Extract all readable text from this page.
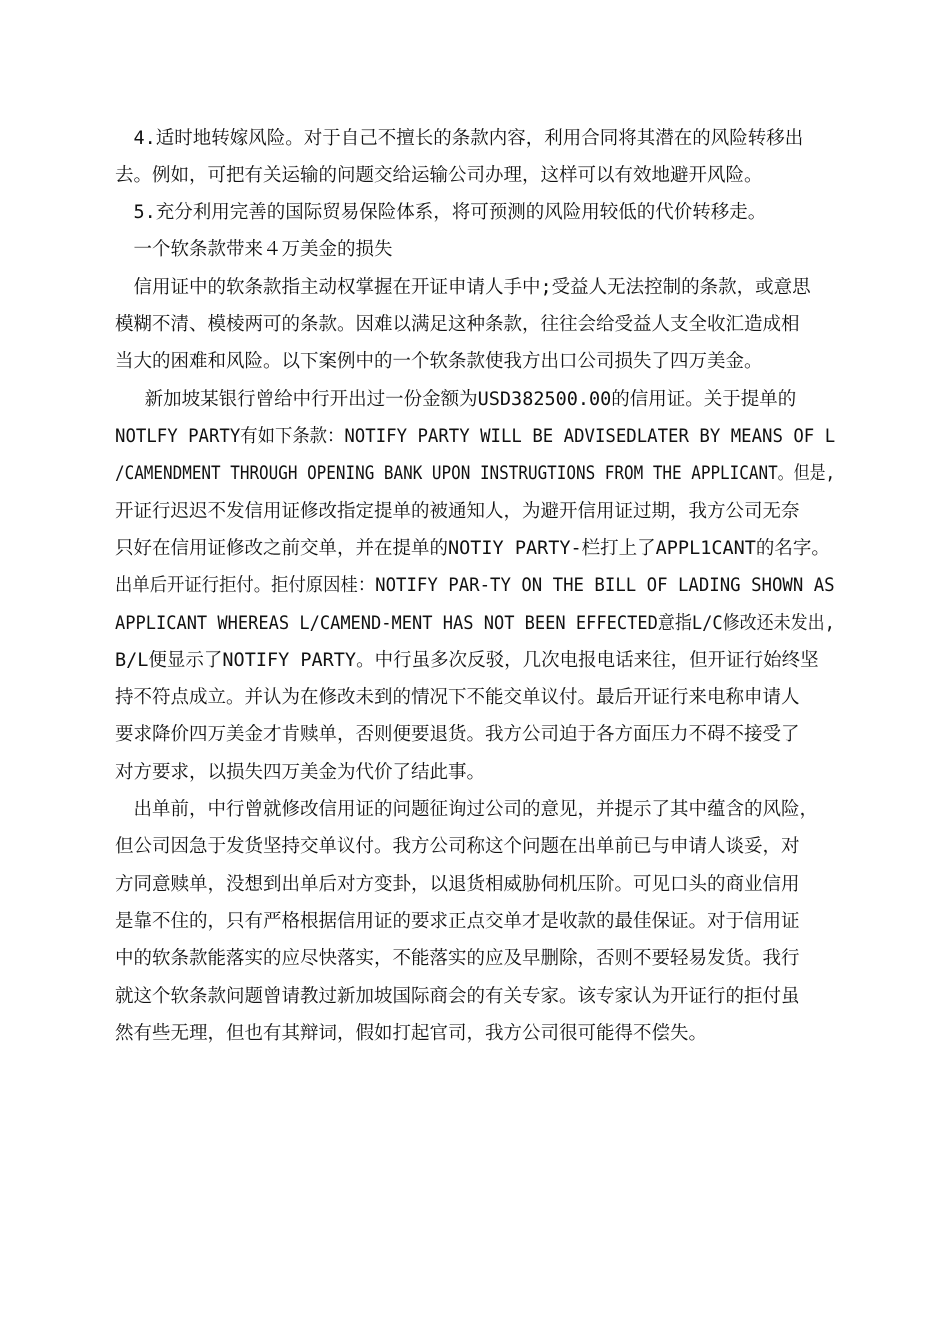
　4.适时地转嫁风险。对于自己不擅长的条款内容，利用合同将其潜在的风险转移出
去。例如，可把有关运输的问题交给运输公司办理，这样可以有效地避开风险。
　5.充分利用完善的国际贸易保险体系，将可预测的风险用较低的代价转移走。
　一个软条款带来４万美金的损失
　信用证中的软条款指主动权掌握在开证申请人手中;受益人无法控制的条款，或意思
模糊不清、模棱两可的条款。因难以满足这种条款，往往会给受益人支全收汇造成相
当大的困难和风险。以下案例中的一个软条款使我方出口公司损失了四万美金。
　 新加坡某银行曾给中行开出过一份金额为USD382500.00的信用证。关于提单的
NOTLFY PARTY有如下条款：NOTIFY PARTY WILL BE ADVISEDLATER BY MEANS OF L
/CAMENDMENT THROUGH OPENING BANK UPON INSTRUGTIONS FROM THE APPLICANT。但是,
开证行迟迟不发信用证修改指定提单的被通知人，为避开信用证过期，我方公司无奈
只好在信用证修改之前交单，并在提单的NOTIY PARTY-栏打上了APPL1CANT的名字。
出单后开证行拒付。拒付原因桂：NOTIFY PAR-TY ON THE BILL OF LADING SHOWN AS
APPLICANT WHEREAS L/CAMEND-MENT HAS NOT BEEN EFFECTED意指L/C修改还未发出,
B/L便显示了NOTIFY PARTY。中行虽多次反驳，几次电报电话来往，但开证行始终坚
持不符点成立。并认为在修改未到的情况下不能交单议付。最后开证行来电称申请人
要求降价四万美金才肯赎单，否则便要退货。我方公司迫于各方面压力不碍不接受了
对方要求，以损失四万美金为代价了结此事。
　出单前，中行曾就修改信用证的问题征询过公司的意见，并提示了其中蕴含的风险，
但公司因急于发货坚持交单议付。我方公司称这个问题在出单前已与申请人谈妥，对
方同意赎单，没想到出单后对方变卦，以退货相威胁伺机压阶。可见口头的商业信用
是靠不住的，只有严格根据信用证的要求正点交单才是收款的最佳保证。对于信用证
中的软条款能落实的应尽快落实，不能落实的应及早删除，否则不要轻易发货。我行
就这个软条款问题曾请教过新加坡国际商会的有关专家。该专家认为开证行的拒付虽
然有些无理，但也有其辩词，假如打起官司，我方公司很可能得不偿失。
